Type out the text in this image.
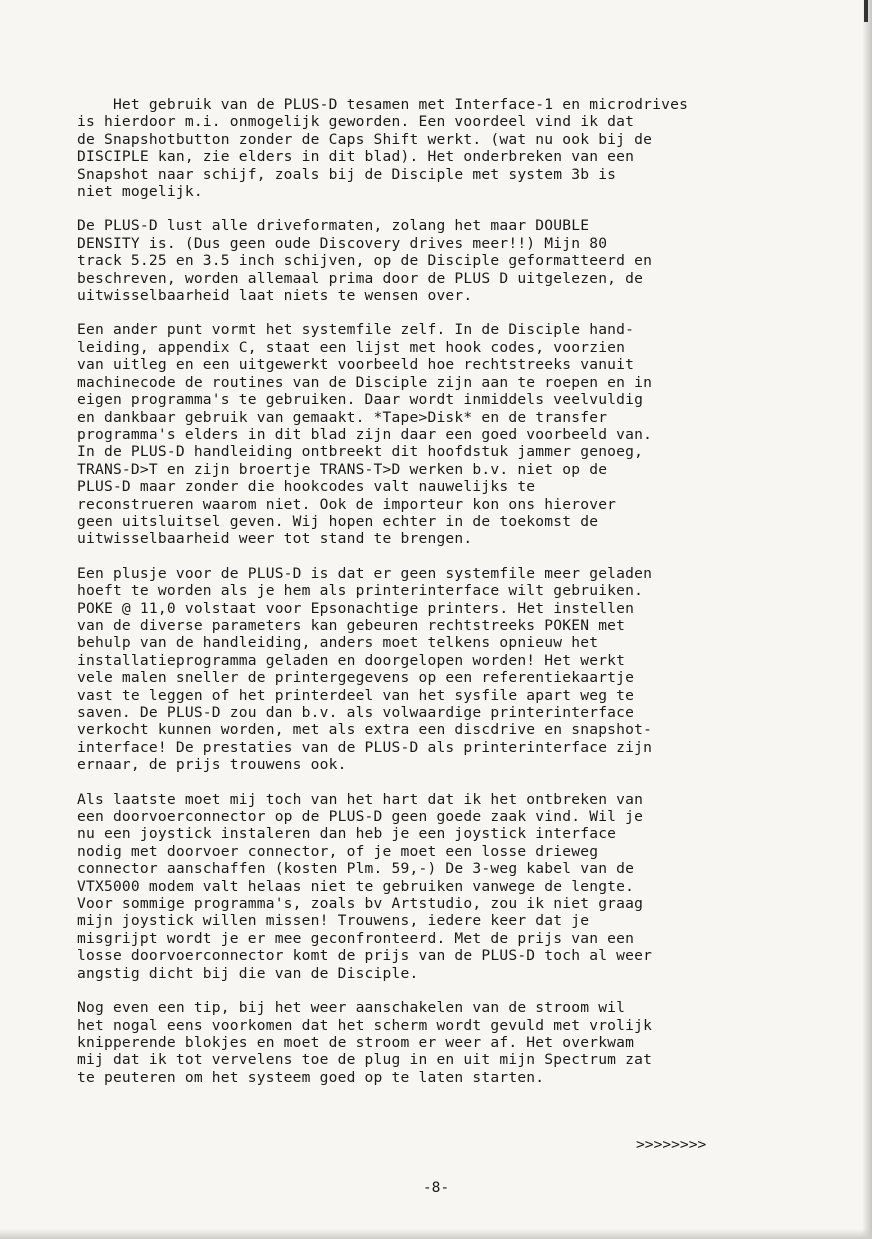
Het gebruik van de PLUS-D tesamen met Interface-1 en microdrives
is hierdoor m.i. onmogelijk geworden. Een voordeel vind ik dat
de Snapshotbutton zonder de Caps Shift werkt. (wat nu ook bij de
DISCIPLE kan, zie elders in dit blad). Het onderbreken van een
Snapshot naar schijf, zoals bij de Disciple met system 3b is
niet mogelijk.
De PLUS-D lust alle driveformaten, zolang het maar DOUBLE
DENSITY is. (Dus geen oude Discovery drives meer!!) Mijn 80
track 5.25 en 3.5 inch schijven, op de Disciple geformatteerd en
beschreven, worden allemaal prima door de PLUS D uitgelezen, de
uitwisselbaarheid laat niets te wensen over.
Een ander punt vormt het systemfile zelf. In de Disciple hand-
leiding, appendix C, staat een lijst met hook codes, voorzien
van uitleg en een uitgewerkt voorbeeld hoe rechtstreeks vanuit
machinecode de routines van de Disciple zijn aan te roepen en in
eigen programma's te gebruiken. Daar wordt inmiddels veelvuldig
en dankbaar gebruik van gemaakt. *Tape>Disk* en de transfer
programma's elders in dit blad zijn daar een goed voorbeeld van.
In de PLUS-D handleiding ontbreekt dit hoofdstuk jammer genoeg,
TRANS-D>T en zijn broertje TRANS-T>D werken b.v. niet op de
PLUS-D maar zonder die hookcodes valt nauwelijks te
reconstrueren waarom niet. Ook de importeur kon ons hierover
geen uitsluitsel geven. Wij hopen echter in de toekomst de
uitwisselbaarheid weer tot stand te brengen.
Een plusje voor de PLUS-D is dat er geen systemfile meer geladen
hoeft te worden als je hem als printerinterface wilt gebruiken.
POKE @ 11,0 volstaat voor Epsonachtige printers. Het instellen
van de diverse parameters kan gebeuren rechtstreeks POKEN met
behulp van de handleiding, anders moet telkens opnieuw het
installatieprogramma geladen en doorgelopen worden! Het werkt
vele malen sneller de printergegevens op een referentiekaartje
vast te leggen of het printerdeel van het sysfile apart weg te
saven. De PLUS-D zou dan b.v. als volwaardige printerinterface
verkocht kunnen worden, met als extra een discdrive en snapshot-
interface! De prestaties van de PLUS-D als printerinterface zijn
ernaar, de prijs trouwens ook.
Als laatste moet mij toch van het hart dat ik het ontbreken van
een doorvoerconnector op de PLUS-D geen goede zaak vind. Wil je
nu een joystick instaleren dan heb je een joystick interface
nodig met doorvoer connector, of je moet een losse drieweg
connector aanschaffen (kosten Plm. 59,-) De 3-weg kabel van de
VTX5000 modem valt helaas niet te gebruiken vanwege de lengte.
Voor sommige programma's, zoals bv Artstudio, zou ik niet graag
mijn joystick willen missen! Trouwens, iedere keer dat je
misgrijpt wordt je er mee geconfronteerd. Met de prijs van een
losse doorvoerconnector komt de prijs van de PLUS-D toch al weer
angstig dicht bij die van de Disciple.
Nog even een tip, bij het weer aanschakelen van de stroom wil
het nogal eens voorkomen dat het scherm wordt gevuld met vrolijk
knipperende blokjes en moet de stroom er weer af. Het overkwam
mij dat ik tot vervelens toe de plug in en uit mijn Spectrum zat
te peuteren om het systeem goed op te laten starten.
>>>>>>>>
-8-
